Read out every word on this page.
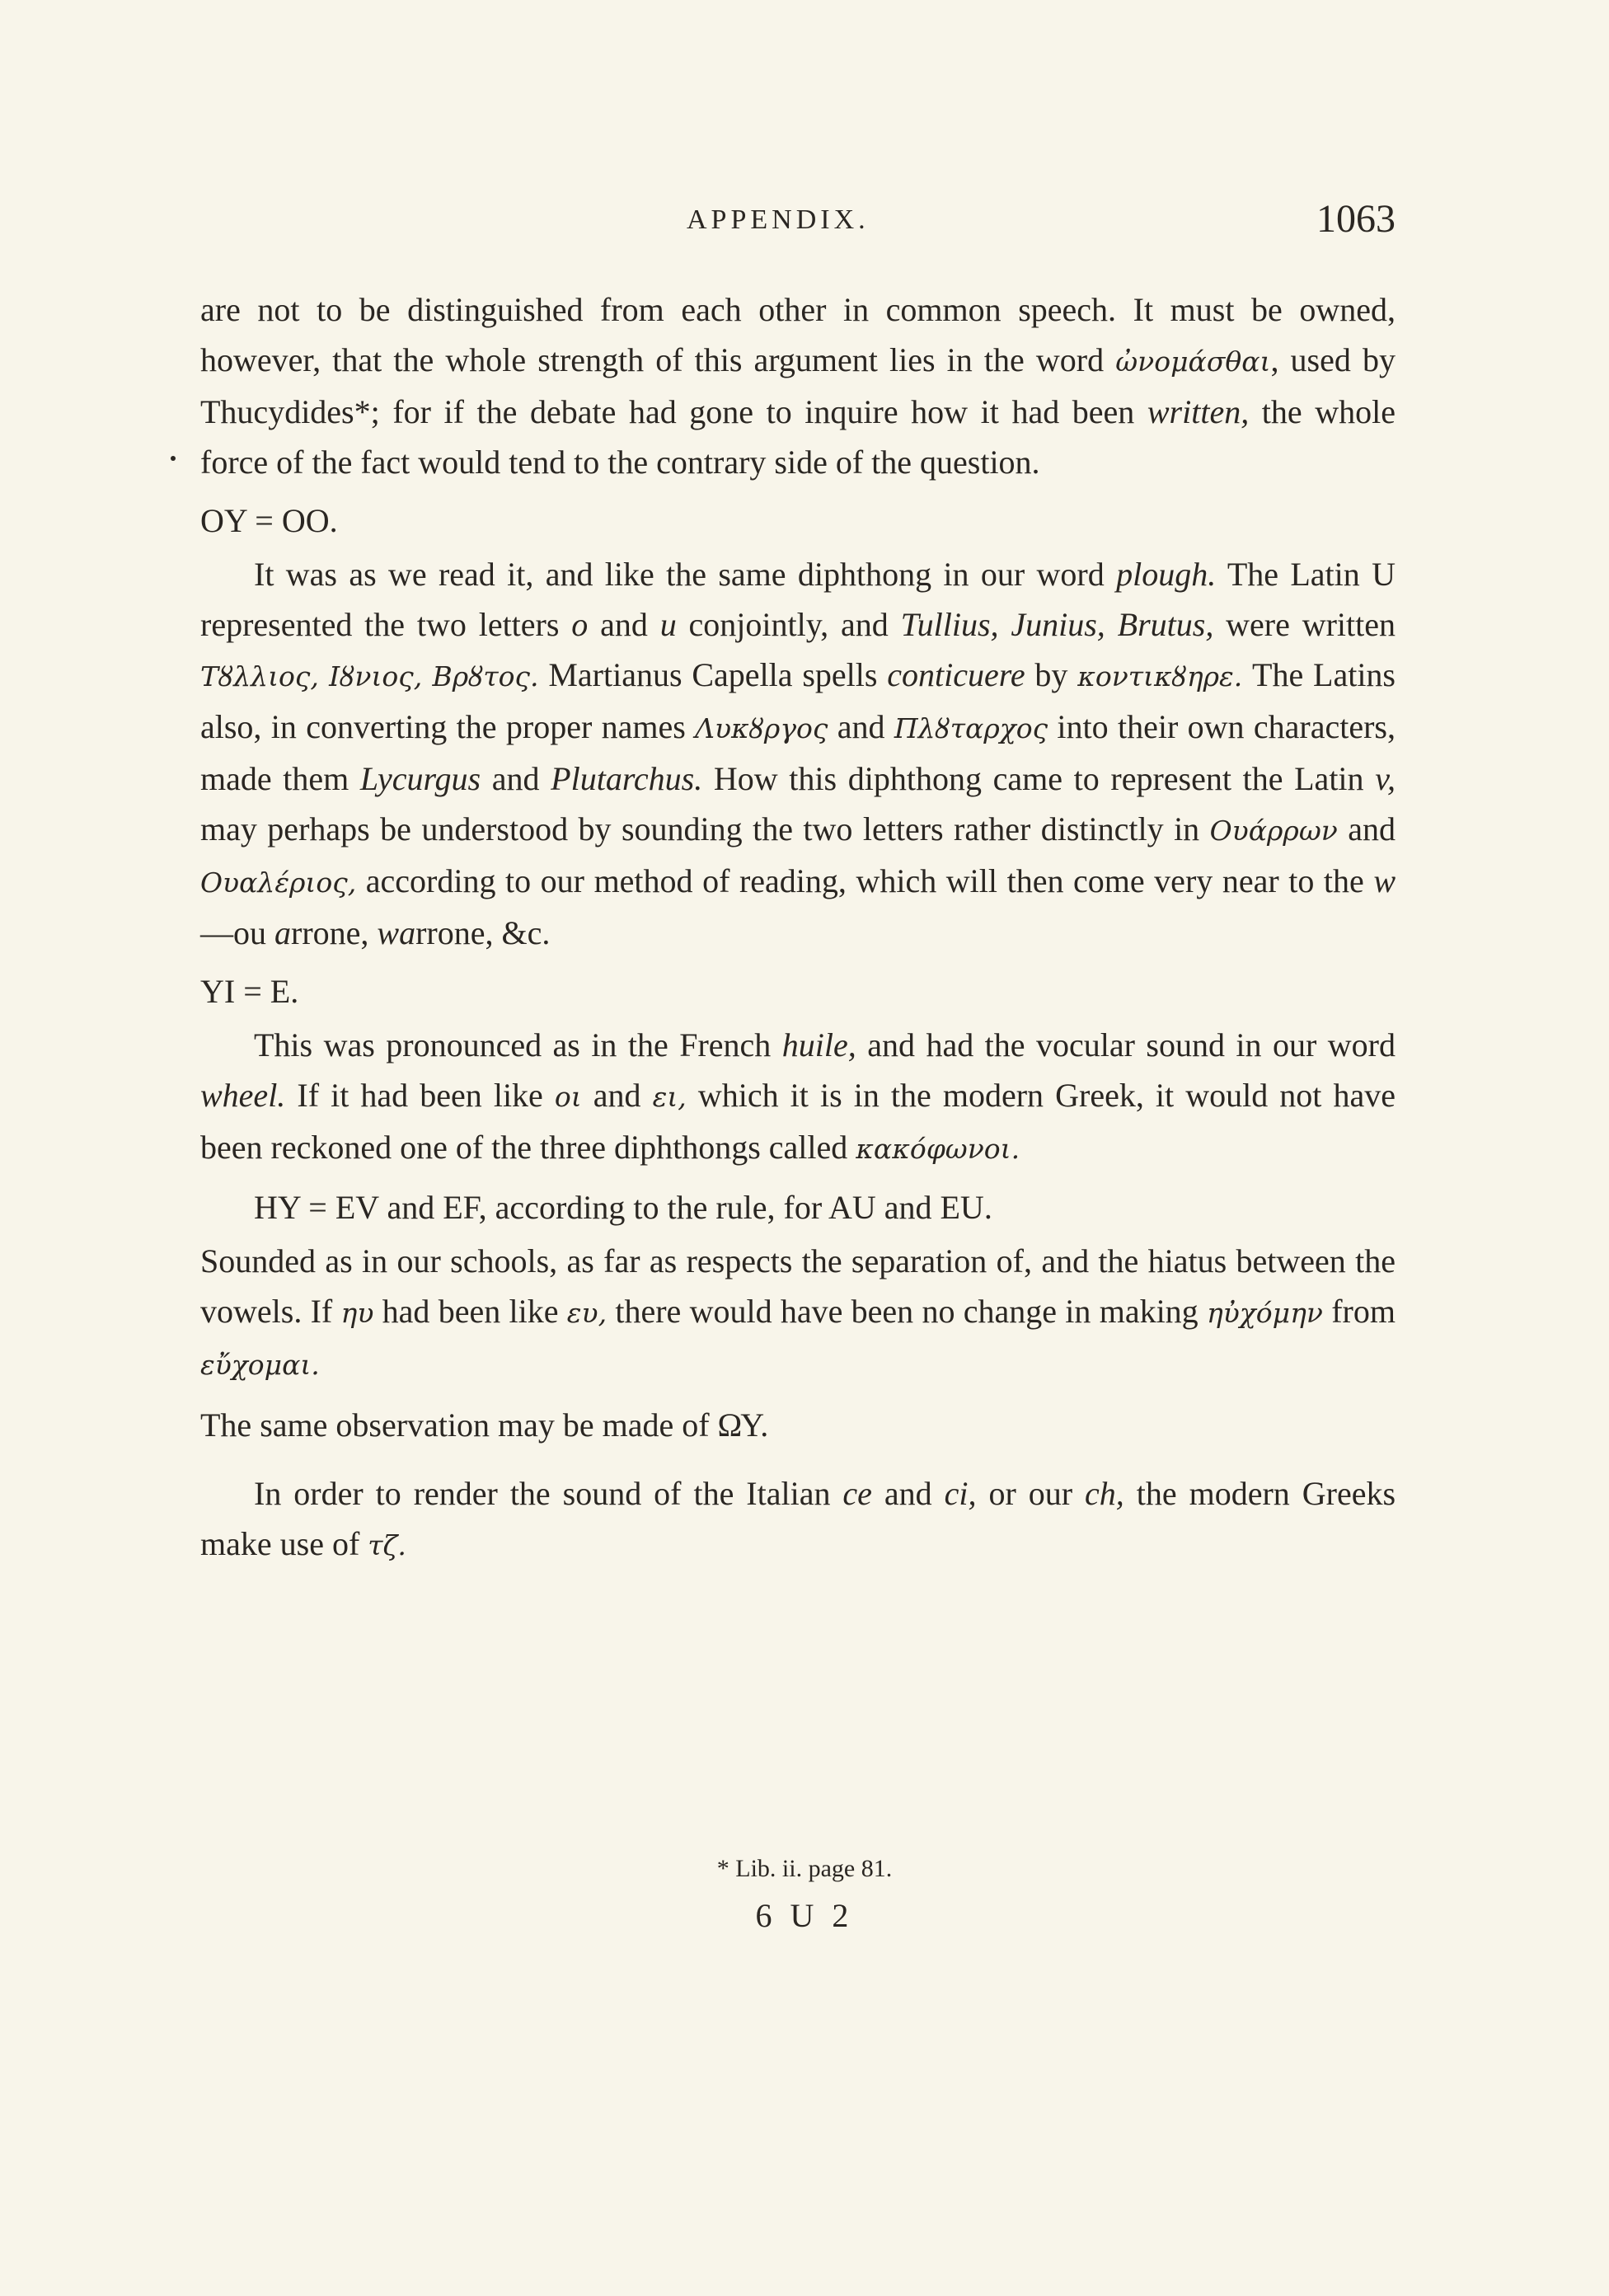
APPENDIX.	1063

are not to be distinguished from each other in common speech. It must be owned, however, that the whole strength of this argument lies in the word ὠνομάσθαι, used by Thucydides*; for if the debate had gone to inquire how it had been written, the whole force of the fact would tend to the contrary side of the question.

OΥ = OO.

It was as we read it, and like the same diphthong in our word plough. The Latin U represented the two letters o and u conjointly, and Tullius, Junius, Brutus, were written Τȣλλιος, Ιȣνιος, Βρȣτος. Martianus Capella spells conticuere by κοντικȣηρε. The Latins also, in converting the proper names Λυκȣργος and Πλȣταρχος into their own characters, made them Lycurgus and Plutarchus. How this diphthong came to represent the Latin v, may perhaps be understood by sounding the two letters rather distinctly in Ουάρρων and Ουαλέριος, according to our method of reading, which will then come very near to the w—ou arrone, warrone, &c.

ΥΙ = E.

This was pronounced as in the French huile, and had the vocular sound in our word wheel. If it had been like οι and ει, which it is in the modern Greek, it would not have been reckoned one of the three diphthongs called κακόφωνοι.

HΥ = EV and EF, according to the rule, for AU and EU.

Sounded as in our schools, as far as respects the separation of, and the hiatus between the vowels. If ηυ had been like ευ, there would have been no change in making ηὐχόμην from εὔχομαι.

The same observation may be made of ΩΥ.

In order to render the sound of the Italian ce and ci, or our ch, the modern Greeks make use of τζ.

* Lib. ii. page 81.
6 U 2
